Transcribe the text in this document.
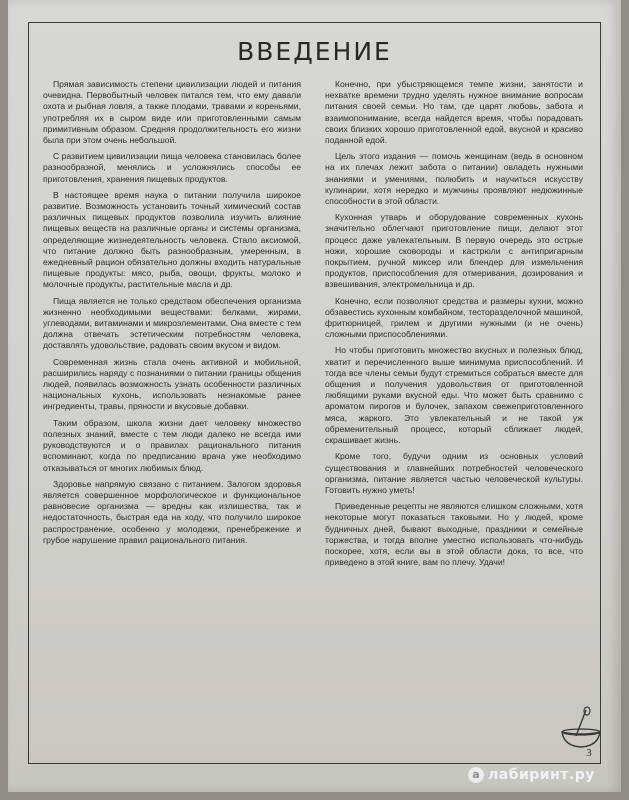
ВВЕДЕНИЕ

Прямая зависимость степени цивилизации людей и питания очевидна. Первобытный человек питался тем, что ему давали охота и рыбная ловля, а также плодами, травами и кореньями, употребляя их в сыром виде или приготовленными самым примитивным образом. Средняя продолжительность его жизни была при этом очень небольшой.

С развитием цивилизации пища человека становилась более разнообразной, менялись и усложнялись способы ее приготовления, хранения пищевых продуктов.

В настоящее время наука о питании получила широкое развитие. Возможность установить точный химический состав различных пищевых продуктов позволила изучить влияние пищевых веществ на различные органы и системы организма, определяющие жизнедеятельность человека. Стало аксиомой, что питание должно быть разнообразным, умеренным, в ежедневный рацион обязательно должны входить натуральные пищевые продукты: мясо, рыба, овощи, фрукты, молоко и молочные продукты, растительные масла и др.

Пища является не только средством обеспечения организма жизненно необходимыми веществами: белками, жирами, углеводами, витаминами и микроэлементами. Она вместе с тем должна отвечать эстетическим потребностям человека, доставлять удовольствие, радовать своим вкусом и видом.

Современная жизнь стала очень активной и мобильной, расширились наряду с познаниями о питании границы общения людей, появилась возможность узнать особенности различных национальных кухонь, использовать незнакомые ранее ингредиенты, травы, пряности и вкусовые добавки.

Таким образом, школа жизни дает человеку множество полезных знаний, вместе с тем люди далеко не всегда ими руководствуются и о правилах рационального питания вспоминают, когда по предписанию врача уже необходимо отказываться от многих любимых блюд.

Здоровье напрямую связано с питанием. Залогом здоровья является совершенное морфологическое и функциональное равновесие организма — вредны как излишества, так и недостаточность, быстрая еда на ходу, что получило широкое распространение, особенно у молодежи, пренебрежение и грубое нарушение правил рационального питания.

Конечно, при убыстряющемся темпе жизни, занятости и нехватке времени трудно уделять нужное внимание вопросам питания своей семьи. Но там, где царят любовь, забота и взаимопонимание, всегда найдется время, чтобы порадовать своих близких хорошо приготовленной едой, вкусной и красиво поданной едой.

Цель этого издания — помочь женщинам (ведь в основном на их плечах лежит забота о питании) овладеть нужными знаниями и умениями, полюбить и научиться искусству кулинарии, хотя нередко и мужчины проявляют недюжинные способности в этой области.

Кухонная утварь и оборудование современных кухонь значительно облегчают приготовление пищи, делают этот процесс даже увлекательным. В первую очередь это острые ножи, хорошие сковороды и кастрюли с антипригарным покрытием, ручной миксер или блендер для измельчения продуктов, приспособления для отмеривания, дозирования и взвешивания, электромельница и др.

Конечно, если позволяют средства и размеры кухни, можно обзавестись кухонным комбайном, тесторазделочной машиной, фритюрницей, грилем и другими нужными (и не очень) сложными приспособлениями.

Но чтобы приготовить множество вкусных и полезных блюд, хватит и перечисленного выше минимума приспособлений. И тогда все члены семьи будут стремиться собраться вместе для общения и получения удовольствия от приготовленной любящими руками вкусной еды. Что может быть сравнимо с ароматом пирогов и булочек, запахом свежеприготовленного мяса, жаркого. Это увлекательный и не такой уж обременительный процесс, который сближает людей, скрашивает жизнь.

Кроме того, будучи одним из основных условий существования и главнейших потребностей человеческого организма, питание является частью человеческой культуры. Готовить нужно уметь!

Приведенные рецепты не являются слишком сложными, хотя некоторые могут показаться таковыми. Но у людей, кроме будничных дней, бывают выходные, праздники и семейные торжества, и тогда вполне уместно использовать что-нибудь поскорее, хотя, если вы в этой области дока, то все, что приведено в этой книге, вам по плечу. Удачи!

3
а лабиринт.ру
